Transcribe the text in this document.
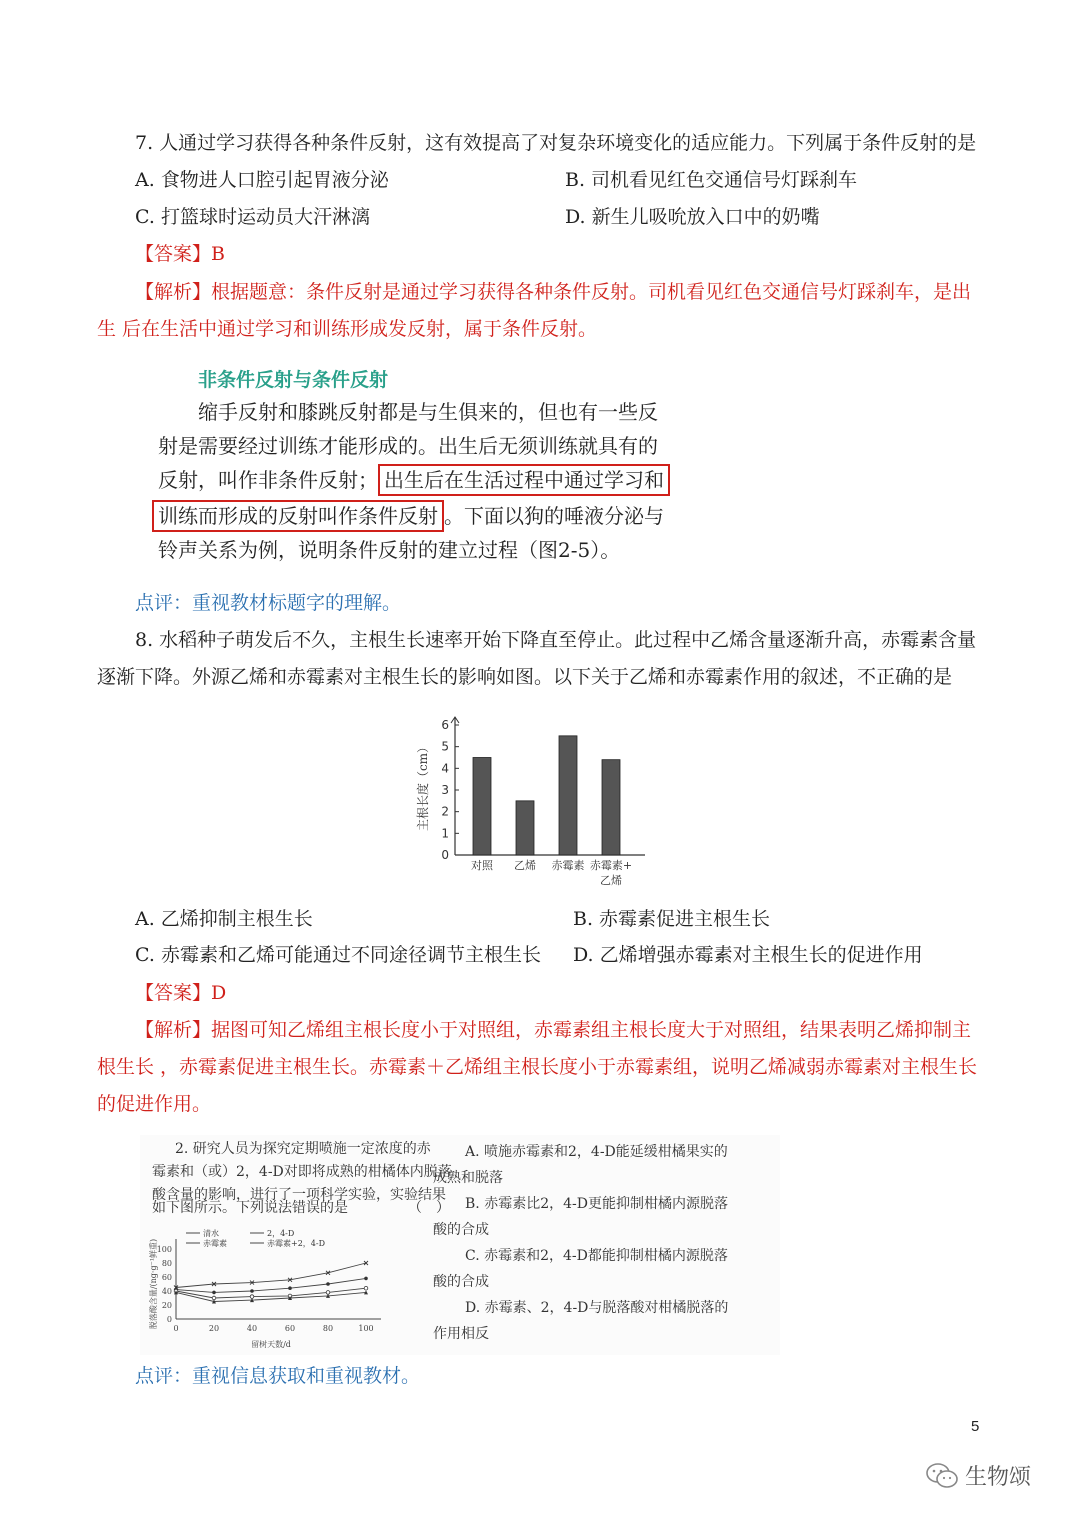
7. 人通过学习获得各种条件反射，这有效提高了对复杂环境变化的适应能力。下列属于条件反射的是
A. 食物进人口腔引起胃液分泌	B. 司机看见红色交通信号灯踩刹车
C. 打篮球时运动员大汗淋漓	D. 新生儿吸吮放入口中的奶嘴
【答案】B
【解析】根据题意：条件反射是通过学习获得各种条件反射。司机看见红色交通信号灯踩刹车，是出
生 后在生活中通过学习和训练形成发反射，属于条件反射。
非条件反射与条件反射
缩手反射和膝跳反射都是与生俱来的，但也有一些反
射是需要经过训练才能形成的。出生后无须训练就具有的
反射，叫作非条件反射； 出生后在生活过程中通过学习和
训练而形成的反射叫作条件反射 。下面以狗的唾液分泌与
铃声关系为例，说明条件反射的建立过程（图2-5）。
点评：重视教材标题字的理解。
8. 水稻种子萌发后不久，主根生长速率开始下降直至停止。此过程中乙烯含量逐渐升高，赤霉素含量
逐渐下降。外源乙烯和赤霉素对主根生长的影响如图。以下关于乙烯和赤霉素作用的叙述，不正确的是
0
1
2
3
4
5
6
主根长度（cm）
对照 乙烯 赤霉素 赤霉素+
乙烯
A. 乙烯抑制主根生长	B. 赤霉素促进主根生长
C. 赤霉素和乙烯可能通过不同途径调节主根生长 D. 乙烯增强赤霉素对主根生长的促进作用
【答案】D
【解析】据图可知乙烯组主根长度小于对照组，赤霉素组主根长度大于对照组，结果表明乙烯抑制主
根生长 ，赤霉素促进主根生长。赤霉素＋乙烯组主根长度小于赤霉素组，说明乙烯减弱赤霉素对主根生长
的促进作用。
2. 研究人员为探究定期喷施一定浓度的赤
霉素和（或）2，4-D对即将成熟的柑橘体内脱落
酸含量的影响，进行了一项科学实验，实验结果
如下图所示。下列说法错误的是	（　）
0
20
40
60
80
100
0	20	40	60	80	100
留树天数/d
脱落酸含量/(ng·g⁻¹鲜重)
清水
赤霉素
2，4-D
赤霉素+2，4-D
A. 喷施赤霉素和2，4-D能延缓柑橘果实的
成熟和脱落
B. 赤霉素比2，4-D更能抑制柑橘内源脱落
酸的合成
C. 赤霉素和2，4-D都能抑制柑橘内源脱落
酸的合成
D. 赤霉素、2，4-D与脱落酸对柑橘脱落的
作用相反
点评：重视信息获取和重视教材。
5
生物颂
